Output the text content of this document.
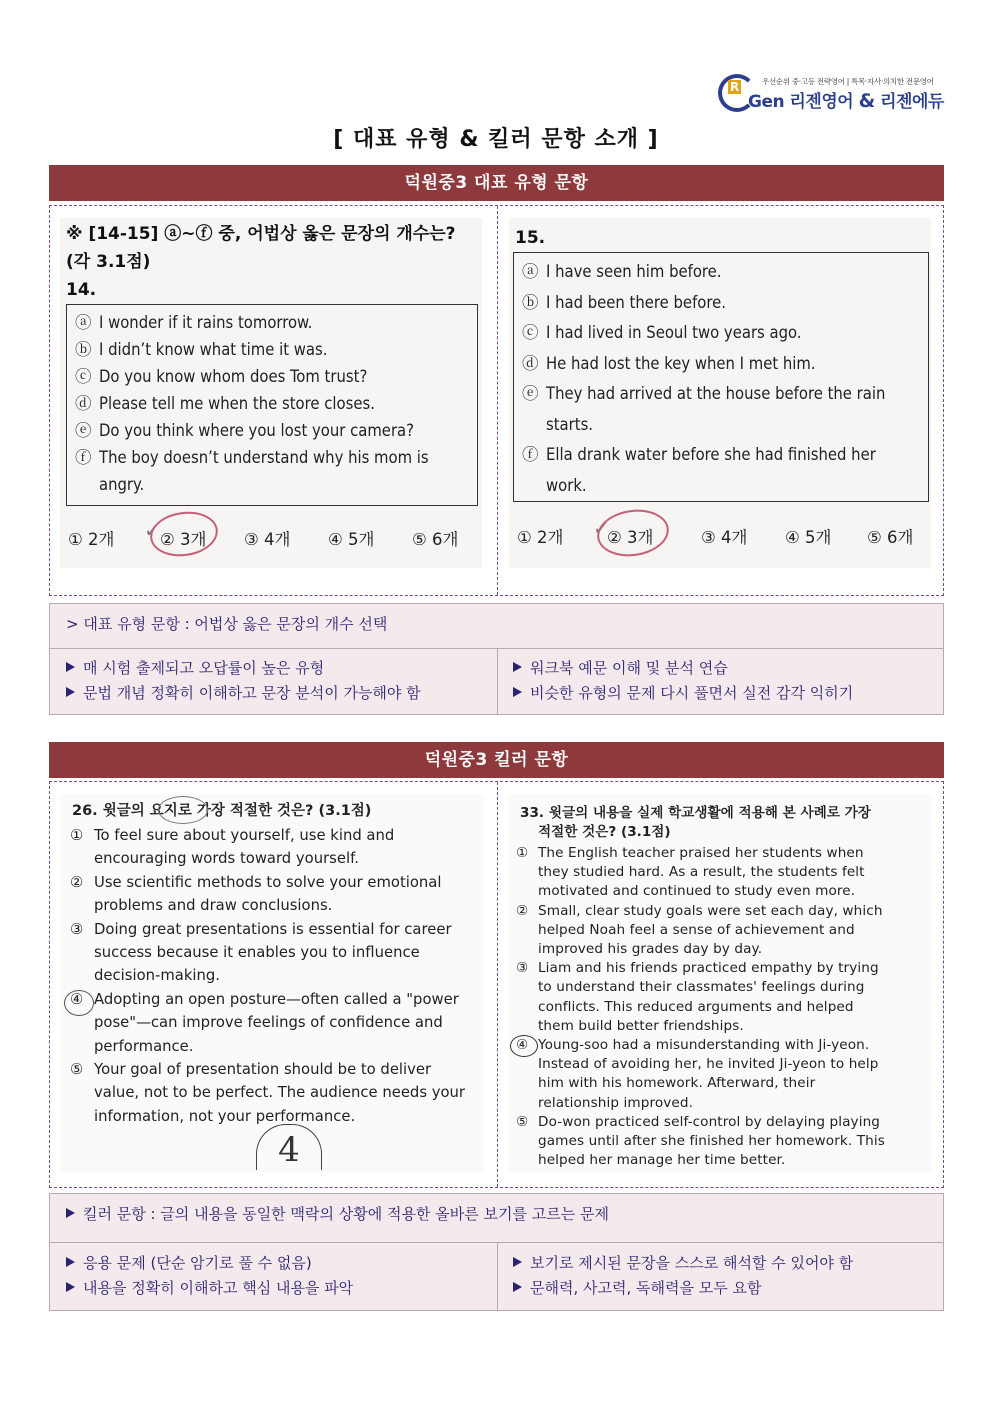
R	우선순위 중·고등 전략영어 | 특목·자사·의치한 전문영어
Gen 리젠영어 & 리젠에듀
[ 대표 유형 & 킬러 문항 소개 ]
덕원중3 대표 유형 문항
※ [14-15] ⓐ~ⓕ 중, 어법상 옳은 문장의 개수는?
(각 3.1점)
14.
ⓐ I wonder if it rains tomorrow.
ⓑ I didn’t know what time it was.
ⓒ Do you know whom does Tom trust?
ⓓ Please tell me when the store closes.
ⓔ Do you think where you lost your camera?
ⓕ The boy doesn’t understand why his mom is angry.
① 2개	② 3개 ③ 4개 ④ 5개 ⑤ 6개
✓
15.
ⓐ I have seen him before.
ⓑ I had been there before.
ⓒ I had lived in Seoul two years ago.
ⓓ He had lost the key when I met him.
ⓔ They had arrived at the house before the rain starts.
ⓕ Ella drank water before she had finished her work.
① 2개	② 3개	③ 4개 ④ 5개 ⑤ 6개
✓
> 대표 유형 문항 : 어법상 옳은 문장의 개수 선택
매 시험 출제되고 오답률이 높은 유형
문법 개념 정확히 이해하고 문장 분석이 가능해야 함
워크북 예문 이해 및 분석 연습
비슷한 유형의 문제 다시 풀면서 실전 감각 익히기
덕원중3 킬러 문항
26. 윗글의 요지로 가장 적절한 것은? (3.1점)
① To feel sure about yourself, use kind and
encouraging words toward yourself.
② Use scientific methods to solve your emotional
problems and draw conclusions.
③ Doing great presentations is essential for career
success because it enables you to influence
decision-making.
④ Adopting an open posture—often called a "power
pose"—can improve feelings of confidence and
performance.
⑤ Your goal of presentation should be to deliver
value, not to be perfect. The audience needs your
information, not your performance.
4
33. 윗글의 내용을 실제 학교생활에 적용해 본 사례로 가장
적절한 것은? (3.1점)
① The English teacher praised her students when
they studied hard. As a result, the students felt
motivated and continued to study even more.
② Small, clear study goals were set each day, which
helped Noah feel a sense of achievement and
improved his grades day by day.
③ Liam and his friends practiced empathy by trying
to understand their classmates' feelings during
conflicts. This reduced arguments and helped
them build better friendships.
④ Young-soo had a misunderstanding with Ji-yeon.
Instead of avoiding her, he invited Ji-yeon to help
him with his homework. Afterward, their
relationship improved.
⑤ Do-won practiced self-control by delaying playing
games until after she finished her homework. This
helped her manage her time better.
킬러 문항 : 글의 내용을 동일한 맥락의 상황에 적용한 올바른 보기를 고르는 문제
응용 문제 (단순 암기로 풀 수 없음)
내용을 정확히 이해하고 핵심 내용을 파악
보기로 제시된 문장을 스스로 해석할 수 있어야 함
문해력, 사고력, 독해력을 모두 요함
